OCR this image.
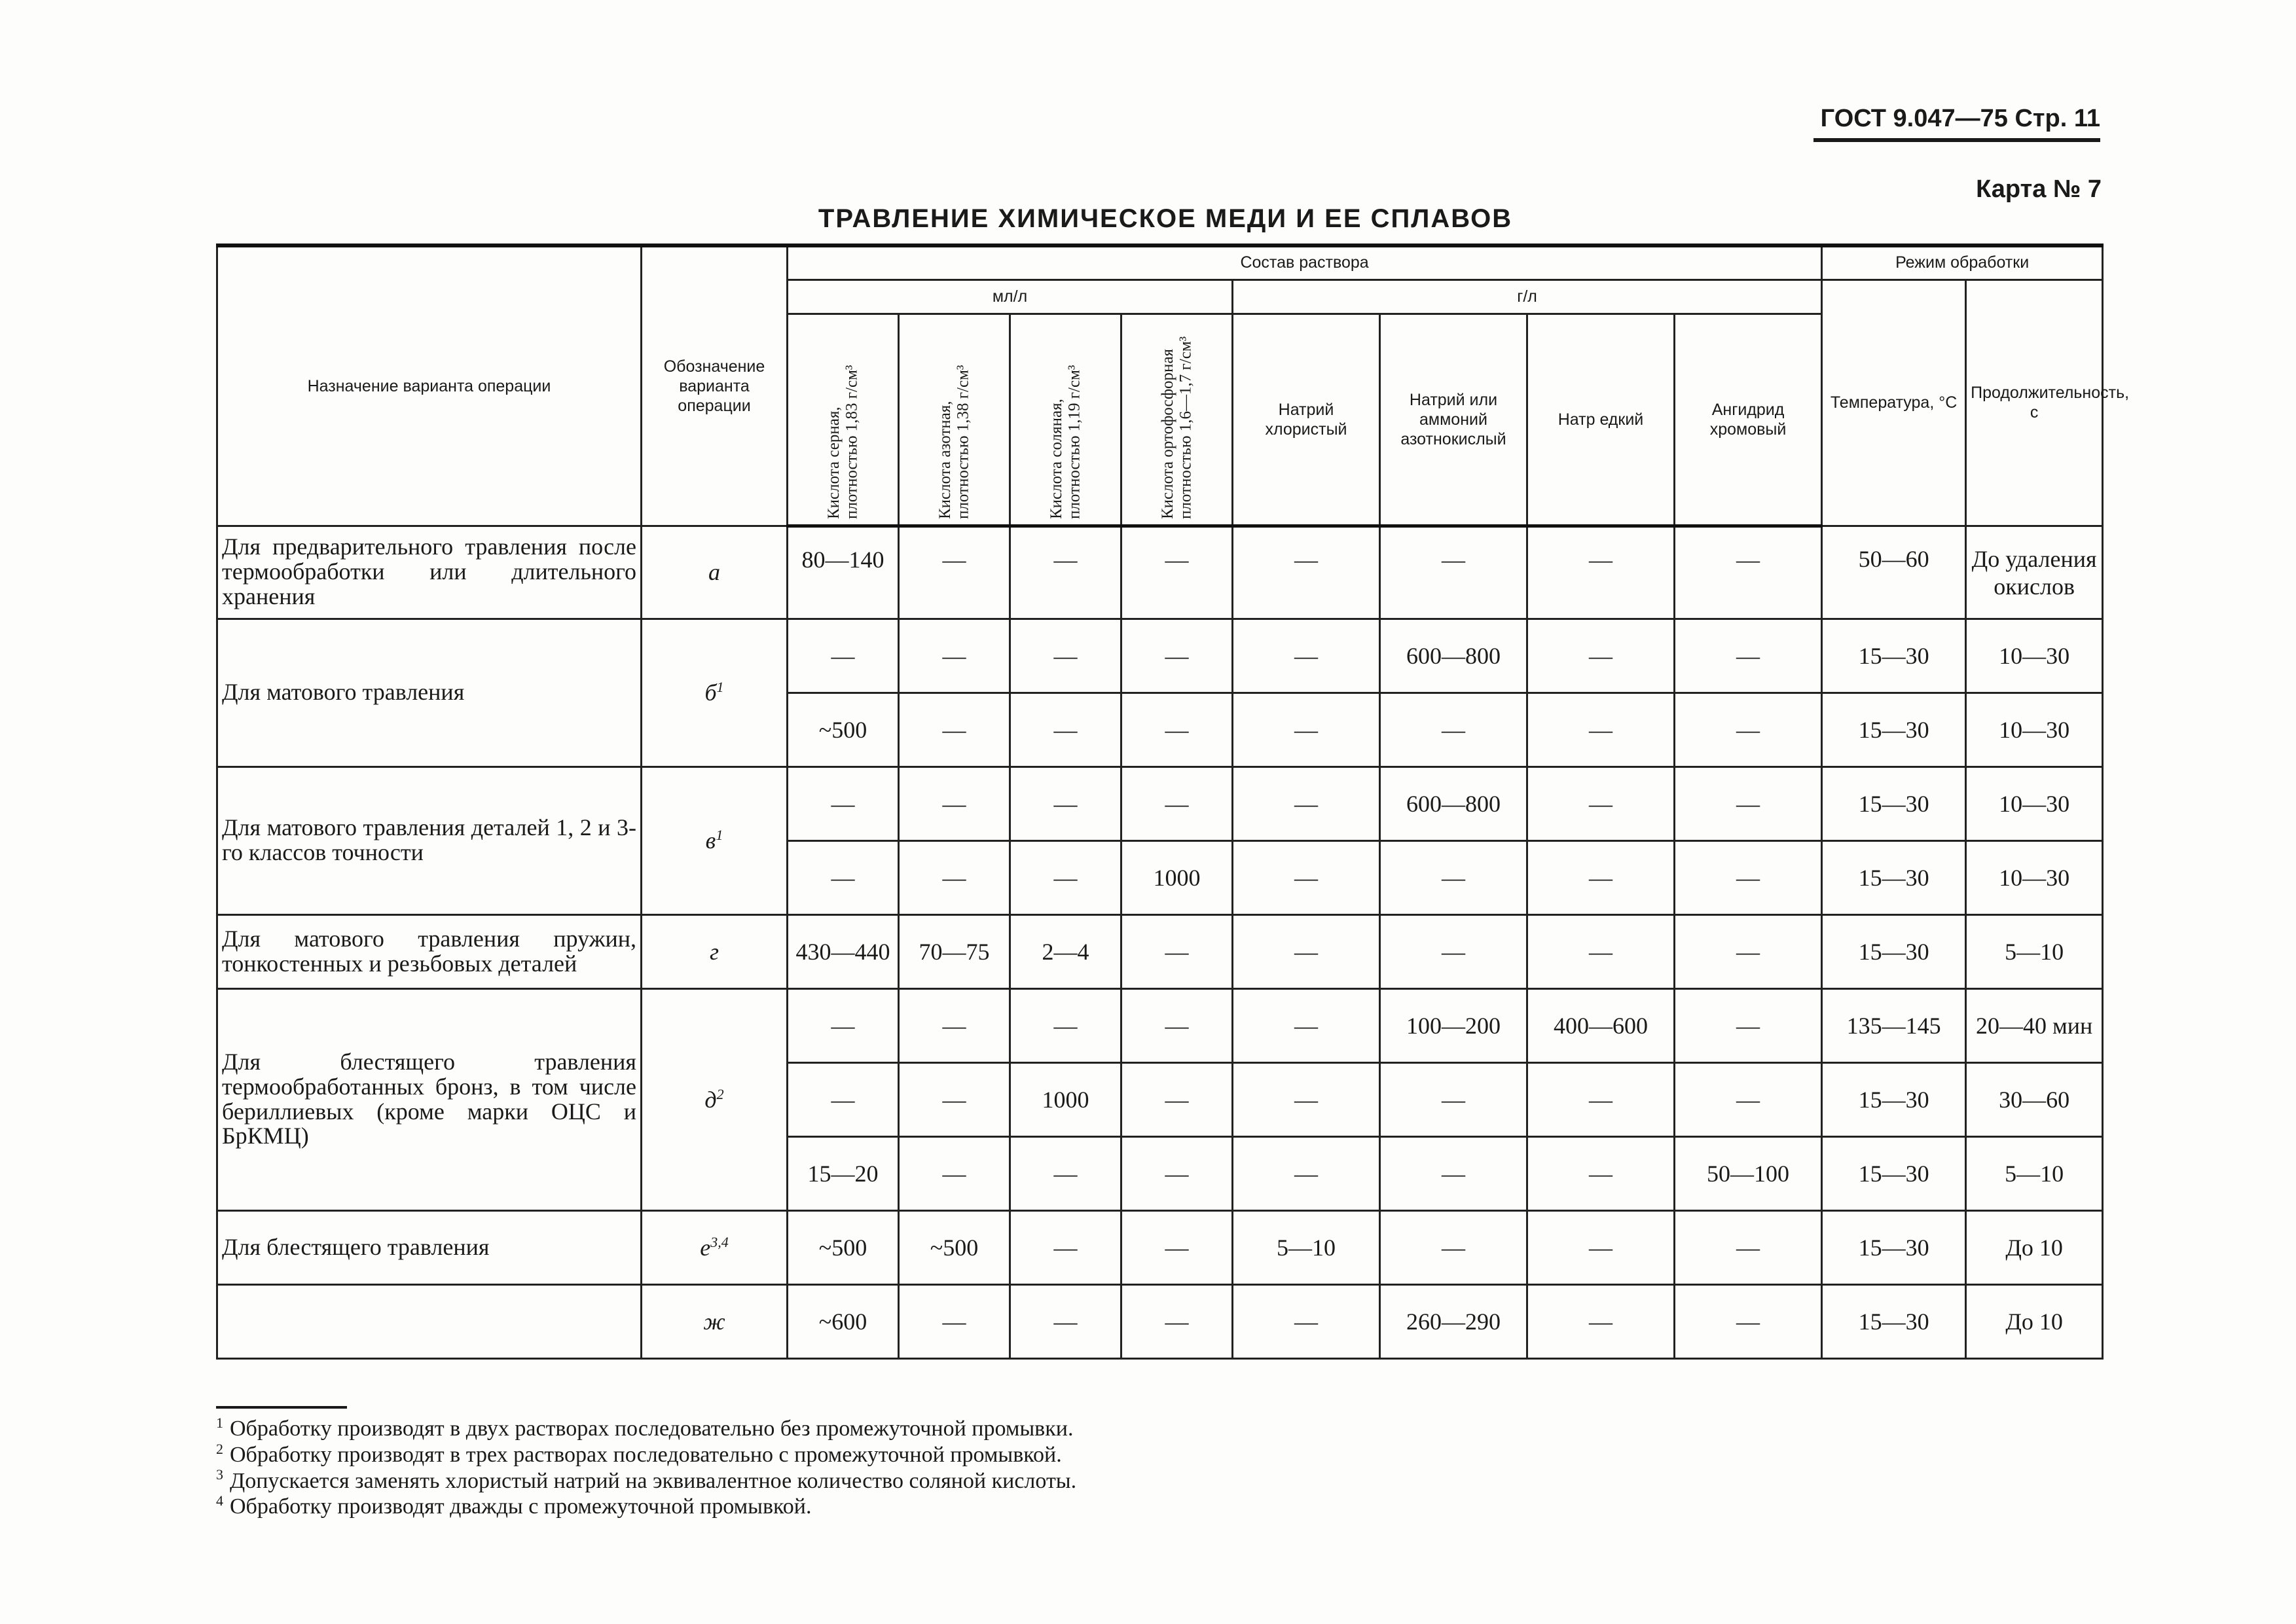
ГОСТ 9.047—75 Стр. 11
Карта № 7
ТРАВЛЕНИЕ ХИМИЧЕСКОЕ МЕДИ И ЕЕ СПЛАВОВ
Назначение варианта операции	Обозначение варианта операции	Состав раствора								Режим обработки	
		мл/л				г/л				Температура, °С	Продолжительность, с

		Кислота серная, плотностью 1,83 г/см³	Кислота азотная, плотностью 1,38 г/см³	Кислота соляная, плотностью 1,19 г/см³	Кислота ортофосфорная плотностью 1,6—1,7 г/см³	Натрий хлористый	Натрий или аммоний азотнокислый	Натр едкий	Ангидрид хромовый		
Для предварительного травления после термообработки или длительного хранения	а	80—140	—	—	—	—	—	—	—	50—60	До удаления окислов
Для матового травления	$б^1$	—	—	—	—	—	600—800	—	—	15—30	10—30
		~500	—	—	—	—	—	—	—	15—30	10—30
Для матового травления деталей 1, 2 и 3-го классов точности	$в^1$	—	—	—	—	—	600—800	—	—	15—30	10—30
		—	—	—	1000	—	—	—	—	15—30	10—30
Для матового травления пружин, тонкостенных и резьбовых деталей	г	430—440	70—75	2—4	—	—	—	—	—	15—30	5—10
Для блестящего травления термообработанных бронз, в том числе бериллиевых (кроме марки ОЦС и БрКМЦ)	$д^2$	—	—	—	—	—	100—200	400—600	—	135—145	20—40 мин
		—	—	1000	—	—	—	—	—	15—30	30—60
		15—20	—	—	—	—	—	—	50—100	15—30	5—10
Для блестящего травления	$е^{3,4}$	~500	~500	—	—	5—10	—	—	—	15—30	До 10
	ж	~600	—	—	—	—	260—290	—	—	15—30	До 10
$^1$ Обработку производят в двух растворах последовательно без промежуточной промывки.
$^2$ Обработку производят в трех растворах последовательно с промежуточной промывкой.
$^3$ Допускается заменять хлористый натрий на эквивалентное количество соляной кислоты.
$^4$ Обработку производят дважды с промежуточной промывкой.
